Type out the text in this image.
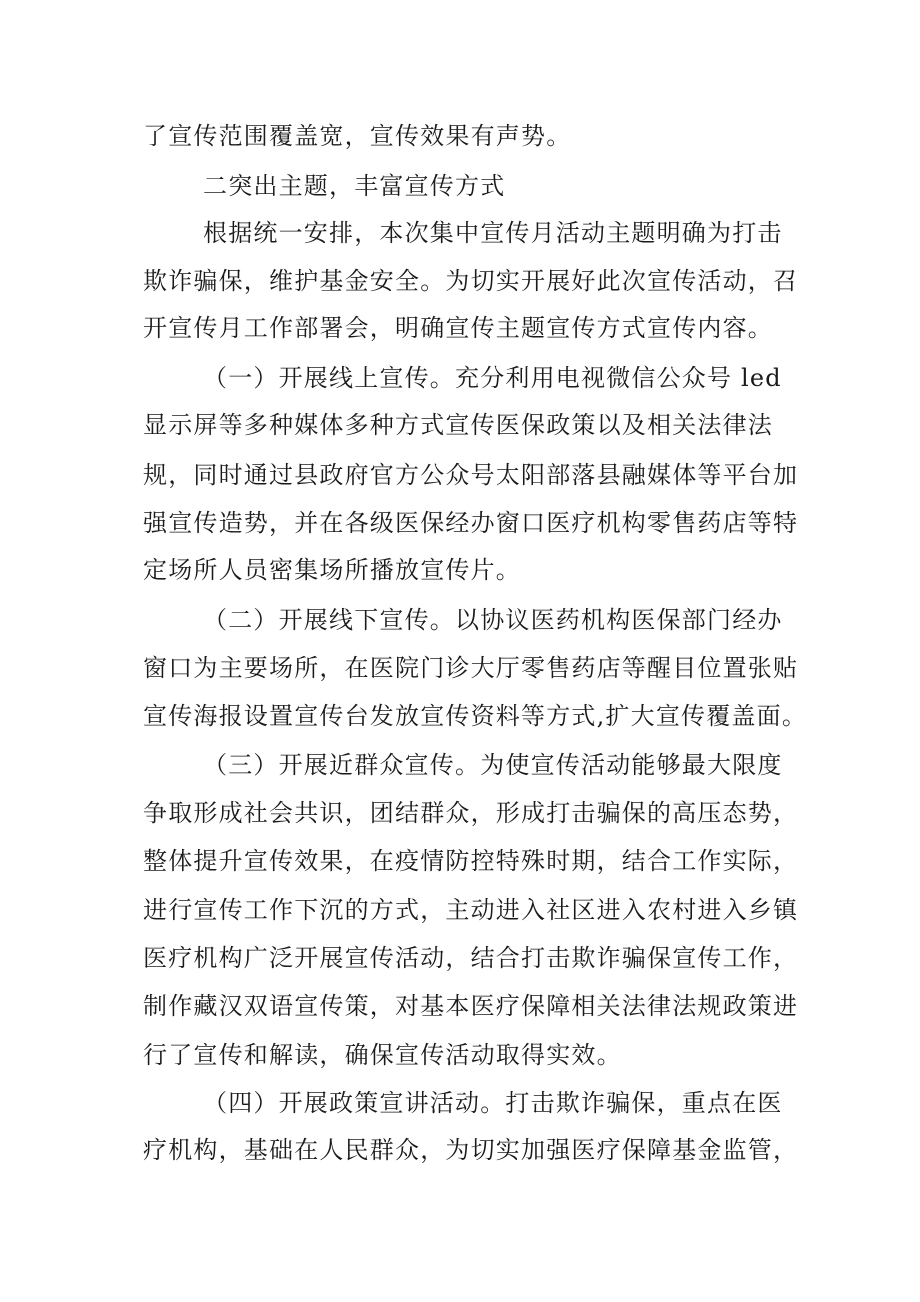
了宣传范围覆盖宽，宣传效果有声势。
二突出主题，丰富宣传方式
根据统一安排，本次集中宣传月活动主题明确为打击
欺诈骗保，维护基金安全。为切实开展好此次宣传活动，召
开宣传月工作部署会，明确宣传主题宣传方式宣传内容。
（一）开展线上宣传。充分利用电视微信公众号 led
显示屏等多种媒体多种方式宣传医保政策以及相关法律法
规，同时通过县政府官方公众号太阳部落县融媒体等平台加
强宣传造势，并在各级医保经办窗口医疗机构零售药店等特
定场所人员密集场所播放宣传片。
（二）开展线下宣传。以协议医药机构医保部门经办
窗口为主要场所，在医院门诊大厅零售药店等醒目位置张贴
宣传海报设置宣传台发放宣传资料等方式,扩大宣传覆盖面。
（三）开展近群众宣传。为使宣传活动能够最大限度
争取形成社会共识，团结群众，形成打击骗保的高压态势，
整体提升宣传效果，在疫情防控特殊时期，结合工作实际，
进行宣传工作下沉的方式，主动进入社区进入农村进入乡镇
医疗机构广泛开展宣传活动，结合打击欺诈骗保宣传工作，
制作藏汉双语宣传策，对基本医疗保障相关法律法规政策进
行了宣传和解读，确保宣传活动取得实效。
（四）开展政策宣讲活动。打击欺诈骗保，重点在医
疗机构，基础在人民群众，为切实加强医疗保障基金监管，
